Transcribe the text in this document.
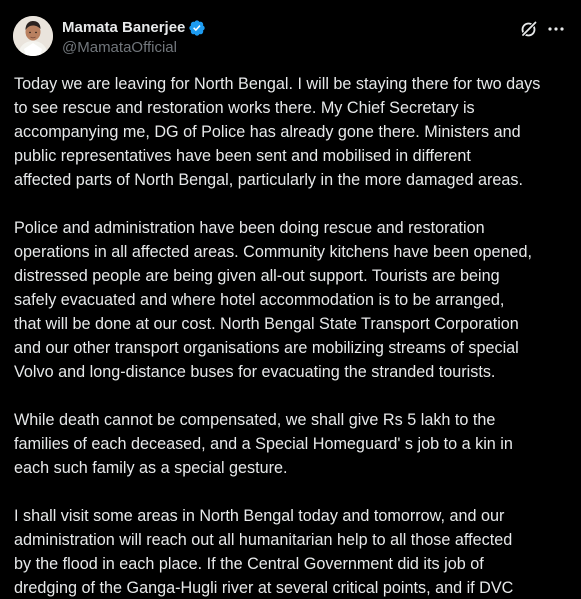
Mamata Banerjee
@MamataOfficial

Today we are leaving for North Bengal. I will be staying there for two days
to see rescue and restoration works there. My Chief Secretary is
accompanying me, DG of Police has already gone there. Ministers and
public representatives have been sent and mobilised in different
affected parts of North Bengal, particularly in the more damaged areas.

Police and administration have been doing rescue and restoration
operations in all affected areas. Community kitchens have been opened,
distressed people are being given all-out support. Tourists are being
safely evacuated and where hotel accommodation is to be arranged,
that will be done at our cost. North Bengal State Transport Corporation
and our other transport organisations are mobilizing streams of special
Volvo and long-distance buses for evacuating the stranded tourists.

While death cannot be compensated, we shall give Rs 5 lakh to the
families of each deceased, and a Special Homeguard' s job to a kin in
each such family as a special gesture.

I shall visit some areas in North Bengal today and tomorrow, and our
administration will reach out all humanitarian help to all those affected
by the flood in each place. If the Central Government did its job of
dredging of the Ganga-Hugli river at several critical points, and if DVC
